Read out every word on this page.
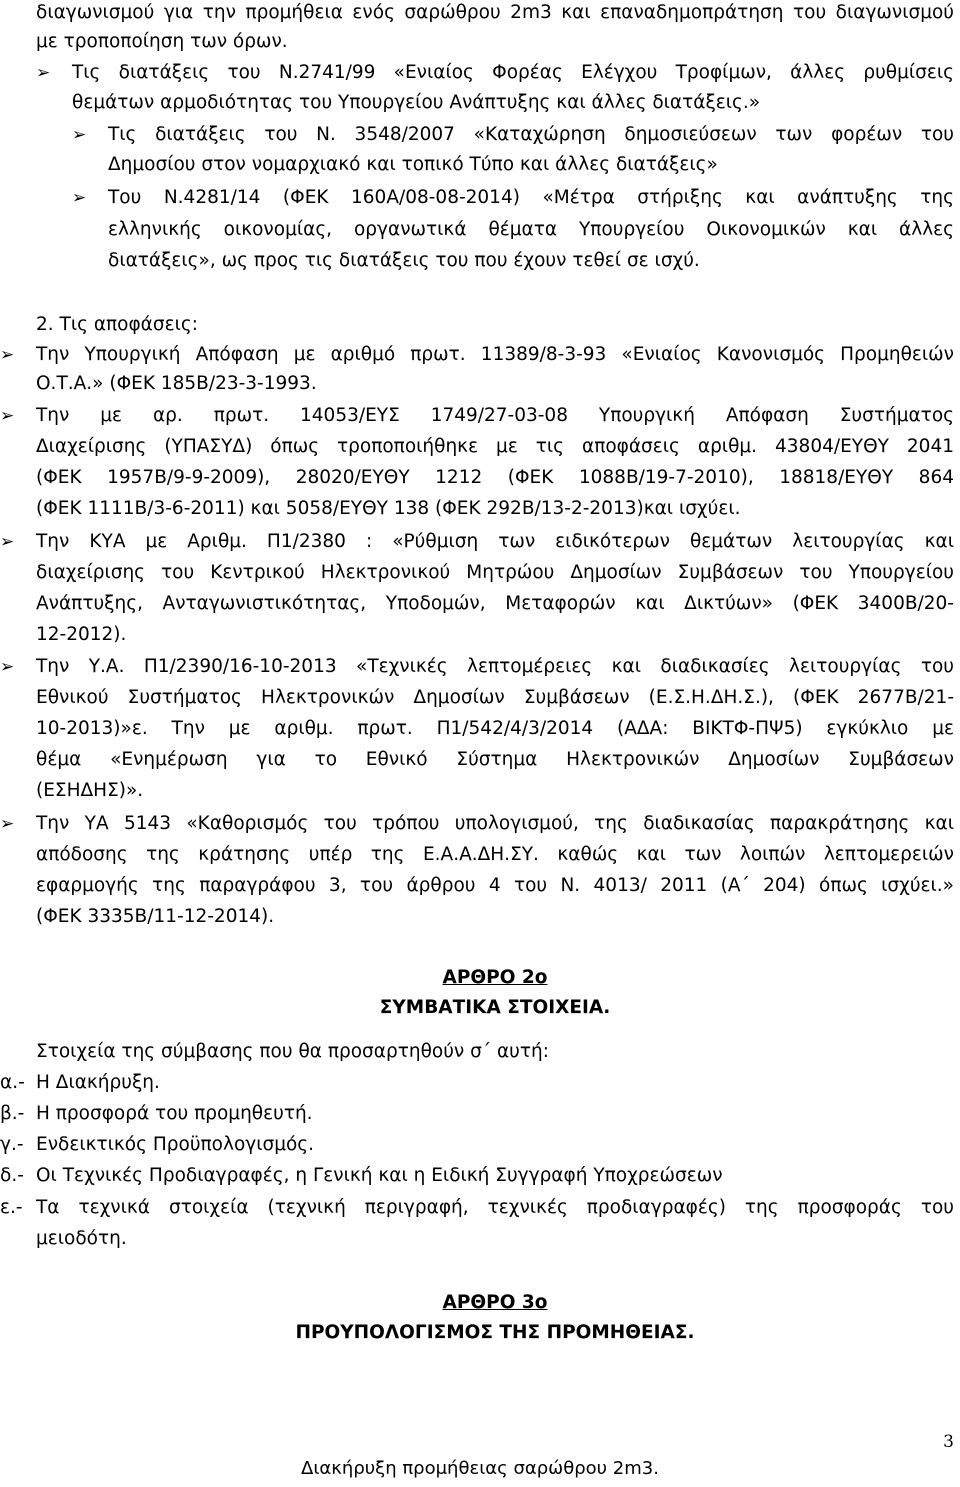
διαγωνισμού για την προμήθεια ενός σαρώθρου 2m3 και επαναδημοπράτηση του διαγωνισμού
με τροποποίηση των όρων.
➢ Τις διατάξεις του Ν.2741/99 «Ενιαίος Φορέας Ελέγχου Τροφίμων, άλλες ρυθμίσεις
θεμάτων αρμοδιότητας του Υπουργείου Ανάπτυξης και άλλες διατάξεις.»
➢ Τις διατάξεις του Ν. 3548/2007 «Καταχώρηση δημοσιεύσεων των φορέων του
Δημοσίου στον νομαρχιακό και τοπικό Τύπο και άλλες διατάξεις»
➢ Του Ν.4281/14 (ΦΕΚ 160Α/08-08-2014) «Μέτρα στήριξης και ανάπτυξης της
ελληνικής οικονομίας, οργανωτικά θέματα Υπουργείου Οικονομικών και άλλες
διατάξεις», ως προς τις διατάξεις του που έχουν τεθεί σε ισχύ.
2. Τις αποφάσεις:
➢ Την Υπουργική Απόφαση με αριθμό πρωτ. 11389/8-3-93 «Ενιαίος Κανονισμός Προμηθειών
Ο.Τ.Α.» (ΦΕΚ 185Β/23-3-1993.
➢ Την με αρ. πρωτ. 14053/ΕΥΣ 1749/27-03-08 Υπουργική Απόφαση Συστήματος
Διαχείρισης (ΥΠΑΣΥΔ) όπως τροποποιήθηκε με τις αποφάσεις αριθμ. 43804/ΕΥΘΥ 2041
(ΦΕΚ 1957Β/9-9-2009), 28020/ΕΥΘΥ 1212 (ΦΕΚ 1088Β/19-7-2010), 18818/ΕΥΘΥ 864
(ΦΕΚ 1111Β/3-6-2011) και 5058/ΕΥΘΥ 138 (ΦΕΚ 292Β/13-2-2013)και ισχύει.
➢ Την ΚΥΑ με Αριθμ. Π1/2380 : «Ρύθμιση των ειδικότερων θεμάτων λειτουργίας και
διαχείρισης του Κεντρικού Ηλεκτρονικού Μητρώου Δημοσίων Συμβάσεων του Υπουργείου
Ανάπτυξης, Ανταγωνιστικότητας, Υποδομών, Μεταφορών και Δικτύων» (ΦΕΚ 3400Β/20-
12-2012).
➢ Την Υ.Α. Π1/2390/16-10-2013 «Τεχνικές λεπτομέρειες και διαδικασίες λειτουργίας του
Εθνικού Συστήματος Ηλεκτρονικών Δημοσίων Συμβάσεων (Ε.Σ.Η.ΔΗ.Σ.), (ΦΕΚ 2677Β/21-
10-2013)»ε. Την με αριθμ. πρωτ. Π1/542/4/3/2014 (ΑΔΑ: ΒΙΚΤΦ-ΠΨ5) εγκύκλιο με
θέμα «Ενημέρωση για το Εθνικό Σύστημα Ηλεκτρονικών Δημοσίων Συμβάσεων
(ΕΣΗΔΗΣ)».
➢ Την ΥΑ 5143 «Καθορισμός του τρόπου υπολογισμού, της διαδικασίας παρακράτησης και
απόδοσης της κράτησης υπέρ της Ε.Α.Α.ΔΗ.ΣΥ. καθώς και των λοιπών λεπτομερειών
εφαρμογής της παραγράφου 3, του άρθρου 4 του Ν. 4013/ 2011 (Α΄ 204) όπως ισχύει.»
(ΦΕΚ 3335Β/11-12-2014).
ΑΡΘΡΟ 2ο
ΣΥΜΒΑΤΙΚΑ ΣΤΟΙΧΕΙΑ.
Στοιχεία της σύμβασης που θα προσαρτηθούν σ΄ αυτή:
α.- Η Διακήρυξη.
β.- Η προσφορά του προμηθευτή.
γ.- Ενδεικτικός Προϋπολογισμός.
δ.- Οι Τεχνικές Προδιαγραφές, η Γενική και η Ειδική Συγγραφή Υποχρεώσεων
ε.- Τα τεχνικά στοιχεία (τεχνική περιγραφή, τεχνικές προδιαγραφές) της προσφοράς του
μειοδότη.
ΑΡΘΡΟ 3ο
ΠΡΟΥΠΟΛΟΓΙΣΜΟΣ ΤΗΣ ΠΡΟΜΗΘΕΙΑΣ.
3
Διακήρυξη προμήθειας σαρώθρου 2m3.
